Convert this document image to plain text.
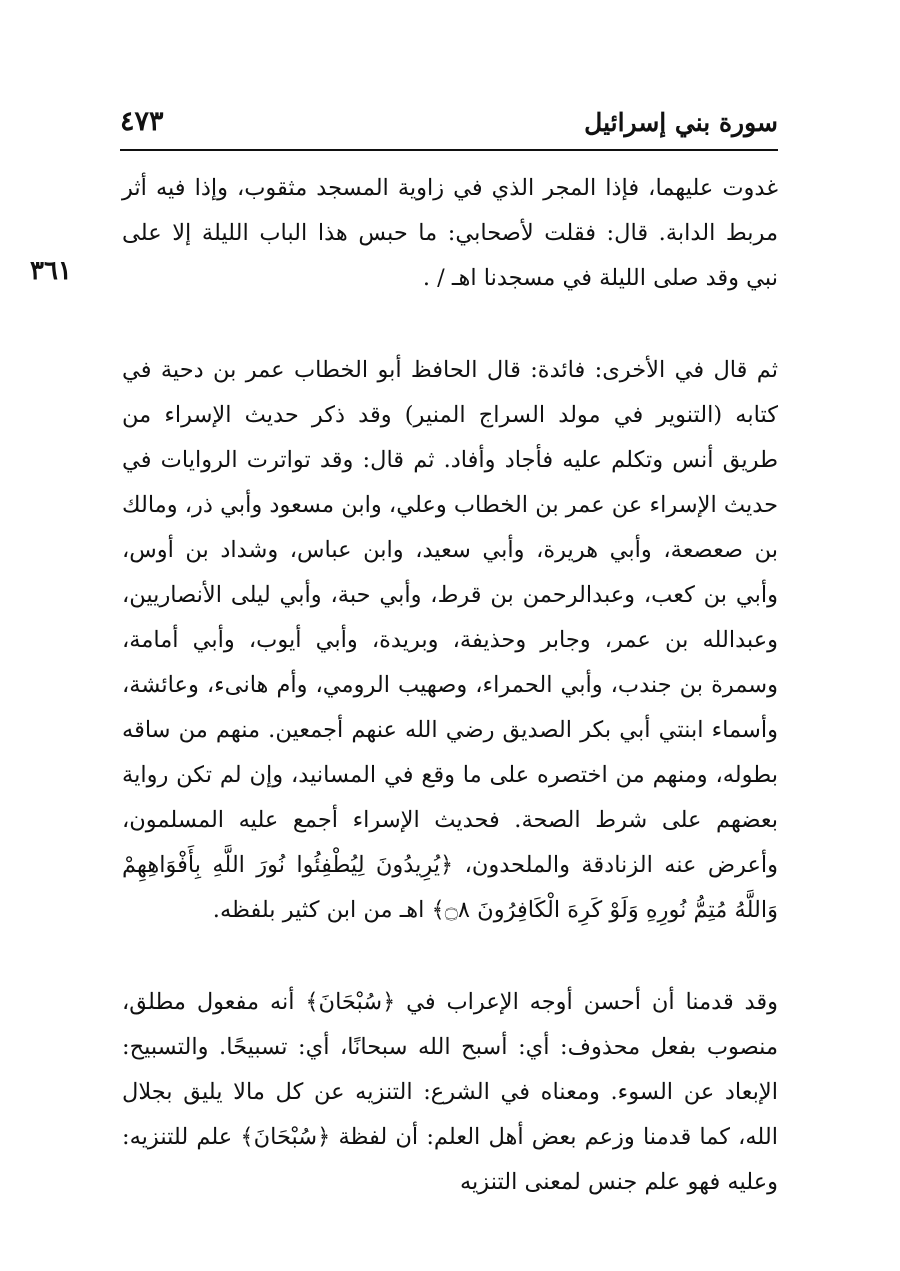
٤٧٣	سورة بني إسرائيل
٣٦١

غدوت عليهما، فإذا المجر الذي في زاوية المسجد مثقوب، وإذا فيه أثر مربط الدابة. قال: فقلت لأصحابي: ما حبس هذا الباب الليلة إلا على نبي وقد صلى الليلة في مسجدنا اهـ / .

ثم قال في الأخرى: فائدة: قال الحافظ أبو الخطاب عمر بن دحية في كتابه (التنوير في مولد السراج المنير) وقد ذكر حديث الإسراء من طريق أنس وتكلم عليه فأجاد وأفاد. ثم قال: وقد تواترت الروايات في حديث الإسراء عن عمر بن الخطاب وعلي، وابن مسعود وأبي ذر، ومالك بن صعصعة، وأبي هريرة، وأبي سعيد، وابن عباس، وشداد بن أوس، وأبي بن كعب، وعبدالرحمن بن قرط، وأبي حبة، وأبي ليلى الأنصاريين، وعبدالله بن عمر، وجابر وحذيفة، وبريدة، وأبي أيوب، وأبي أمامة، وسمرة بن جندب، وأبي الحمراء، وصهيب الرومي، وأم هانىء، وعائشة، وأسماء ابنتي أبي بكر الصديق رضي الله عنهم أجمعين. منهم من ساقه بطوله، ومنهم من اختصره على ما وقع في المسانيد، وإن لم تكن رواية بعضهم على شرط الصحة. فحديث الإسراء أجمع عليه المسلمون، وأعرض عنه الزنادقة والملحدون، ﴿يُرِيدُونَ لِيُطْفِئُوا نُورَ اللَّهِ بِأَفْوَاهِهِمْ وَاللَّهُ مُتِمُّ نُورِهِ وَلَوْ كَرِهَ الْكَافِرُونَ ۝٨﴾ اهـ من ابن كثير بلفظه.

وقد قدمنا أن أحسن أوجه الإعراب في ﴿سُبْحَانَ﴾ أنه مفعول مطلق، منصوب بفعل محذوف: أي: أسبح الله سبحانًا، أي: تسبيحًا. والتسبيح: الإبعاد عن السوء. ومعناه في الشرع: التنزيه عن كل مالا يليق بجلال الله، كما قدمنا وزعم بعض أهل العلم: أن لفظة ﴿سُبْحَانَ﴾ علم للتنزيه: وعليه فهو علم جنس لمعنى التنزيه
